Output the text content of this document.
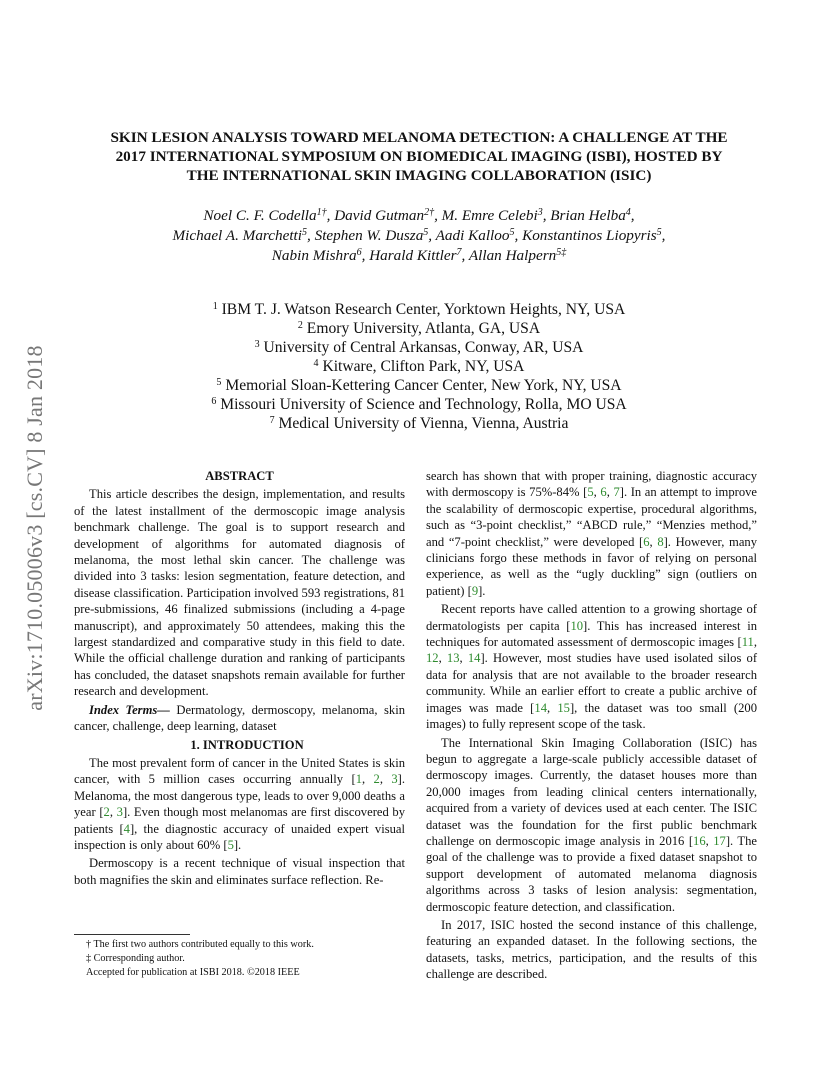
arXiv:1710.05006v3 [cs.CV] 8 Jan 2018
SKIN LESION ANALYSIS TOWARD MELANOMA DETECTION: A CHALLENGE AT THE
2017 INTERNATIONAL SYMPOSIUM ON BIOMEDICAL IMAGING (ISBI), HOSTED BY
THE INTERNATIONAL SKIN IMAGING COLLABORATION (ISIC)
Noel C. F. Codella$^{1\dagger}$, David Gutman$^{2\dagger}$, M. Emre Celebi$^3$, Brian Helba$^4$,
Michael A. Marchetti$^5$, Stephen W. Dusza$^5$, Aadi Kalloo$^5$, Konstantinos Liopyris$^5$,
Nabin Mishra$^6$, Harald Kittler$^7$, Allan Halpern$^{5\ddagger}$
$^1$ IBM T. J. Watson Research Center, Yorktown Heights, NY, USA
$^2$ Emory University, Atlanta, GA, USA
$^3$ University of Central Arkansas, Conway, AR, USA
$^4$ Kitware, Clifton Park, NY, USA
$^5$ Memorial Sloan-Kettering Cancer Center, New York, NY, USA
$^6$ Missouri University of Science and Technology, Rolla, MO USA
$^7$ Medical University of Vienna, Vienna, Austria

ABSTRACT

This article describes the design, implementation, and results of the latest installment of the dermoscopic image analysis benchmark challenge. The goal is to support research and development of algorithms for automated diagnosis of melanoma, the most lethal skin cancer. The challenge was divided into 3 tasks: lesion segmentation, feature detection, and disease classification. Participation involved 593 registrations, 81 pre-submissions, 46 finalized submissions (including a 4-page manuscript), and approximately 50 attendees, making this the largest standardized and comparative study in this field to date. While the official challenge duration and ranking of participants has concluded, the dataset snapshots remain available for further research and development.

Index Terms— Dermatology, dermoscopy, melanoma, skin cancer, challenge, deep learning, dataset

1. INTRODUCTION

The most prevalent form of cancer in the United States is skin cancer, with 5 million cases occurring annually [1, 2, 3]. Melanoma, the most dangerous type, leads to over 9,000 deaths a year [2, 3]. Even though most melanomas are first discovered by patients [4], the diagnostic accuracy of unaided expert visual inspection is only about 60% [5].

Dermoscopy is a recent technique of visual inspection that both magnifies the skin and eliminates surface reflection. Re-

search has shown that with proper training, diagnostic accuracy with dermoscopy is 75%-84% [5, 6, 7]. In an attempt to improve the scalability of dermoscopic expertise, procedural algorithms, such as “3-point checklist,” “ABCD rule,” “Menzies method,” and “7-point checklist,” were developed [6, 8]. However, many clinicians forgo these methods in favor of relying on personal experience, as well as the “ugly duckling” sign (outliers on patient) [9].

Recent reports have called attention to a growing shortage of dermatologists per capita [10]. This has increased interest in techniques for automated assessment of dermoscopic images [11, 12, 13, 14]. However, most studies have used isolated silos of data for analysis that are not available to the broader research community. While an earlier effort to create a public archive of images was made [14, 15], the dataset was too small (200 images) to fully represent scope of the task.

The International Skin Imaging Collaboration (ISIC) has begun to aggregate a large-scale publicly accessible dataset of dermoscopy images. Currently, the dataset houses more than 20,000 images from leading clinical centers internationally, acquired from a variety of devices used at each center. The ISIC dataset was the foundation for the first public benchmark challenge on dermoscopic image analysis in 2016 [16, 17]. The goal of the challenge was to provide a fixed dataset snapshot to support development of automated melanoma diagnosis algorithms across 3 tasks of lesion analysis: segmentation, dermoscopic feature detection, and classification.

In 2017, ISIC hosted the second instance of this challenge, featuring an expanded dataset. In the following sections, the datasets, tasks, metrics, participation, and the results of this challenge are described.

† The first two authors contributed equally to this work.
‡ Corresponding author.
Accepted for publication at ISBI 2018. ©2018 IEEE
